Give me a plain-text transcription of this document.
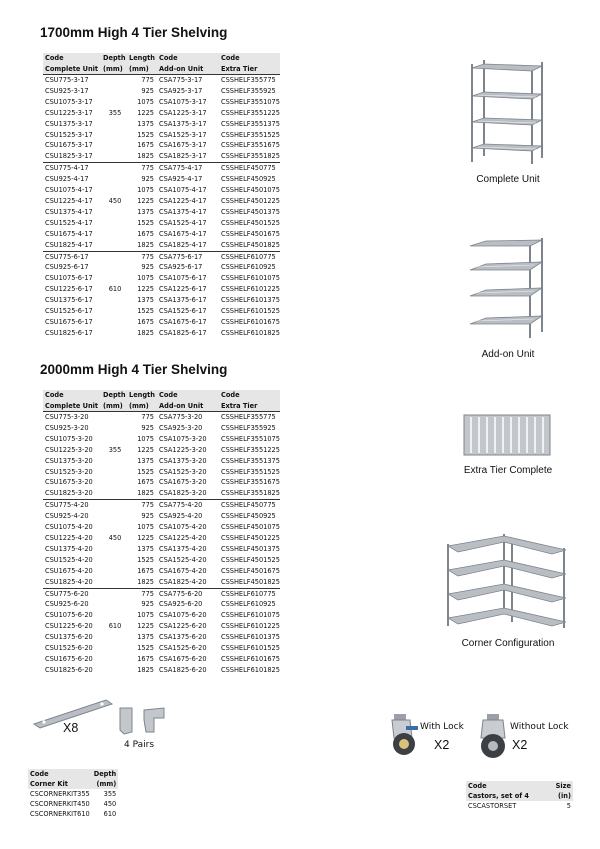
1700mm High 4 Tier Shelving
Code	Depth	Length	Code	Code
Complete Unit	(mm)	(mm)	Add-on Unit	Extra Tier
CSU775-3-17		775	CSA775-3-17	CSSHELF355775
CSU925-3-17		925	CSA925-3-17	CSSHELF355925
CSU1075-3-17		1075	CSA1075-3-17	CSSHELF3551075
CSU1225-3-17	355	1225	CSA1225-3-17	CSSHELF3551225
CSU1375-3-17		1375	CSA1375-3-17	CSSHELF3551375
CSU1525-3-17		1525	CSA1525-3-17	CSSHELF3551525
CSU1675-3-17		1675	CSA1675-3-17	CSSHELF3551675
CSU1825-3-17		1825	CSA1825-3-17	CSSHELF3551825
CSU775-4-17		775	CSA775-4-17	CSSHELF450775
CSU925-4-17		925	CSA925-4-17	CSSHELF450925
CSU1075-4-17		1075	CSA1075-4-17	CSSHELF4501075
CSU1225-4-17	450	1225	CSA1225-4-17	CSSHELF4501225
CSU1375-4-17		1375	CSA1375-4-17	CSSHELF4501375
CSU1525-4-17		1525	CSA1525-4-17	CSSHELF4501525
CSU1675-4-17		1675	CSA1675-4-17	CSSHELF4501675
CSU1825-4-17		1825	CSA1825-4-17	CSSHELF4501825
CSU775-6-17		775	CSA775-6-17	CSSHELF610775
CSU925-6-17		925	CSA925-6-17	CSSHELF610925
CSU1075-6-17		1075	CSA1075-6-17	CSSHELF6101075
CSU1225-6-17	610	1225	CSA1225-6-17	CSSHELF6101225
CSU1375-6-17		1375	CSA1375-6-17	CSSHELF6101375
CSU1525-6-17		1525	CSA1525-6-17	CSSHELF6101525
CSU1675-6-17		1675	CSA1675-6-17	CSSHELF6101675
CSU1825-6-17		1825	CSA1825-6-17	CSSHELF6101825
2000mm High 4 Tier Shelving
Code	Depth	Length	Code	Code
Complete Unit	(mm)	(mm)	Add-on Unit	Extra Tier
CSU775-3-20		775	CSA775-3-20	CSSHELF355775
CSU925-3-20		925	CSA925-3-20	CSSHELF355925
CSU1075-3-20		1075	CSA1075-3-20	CSSHELF3551075
CSU1225-3-20	355	1225	CSA1225-3-20	CSSHELF3551225
CSU1375-3-20		1375	CSA1375-3-20	CSSHELF3551375
CSU1525-3-20		1525	CSA1525-3-20	CSSHELF3551525
CSU1675-3-20		1675	CSA1675-3-20	CSSHELF3551675
CSU1825-3-20		1825	CSA1825-3-20	CSSHELF3551825
CSU775-4-20		775	CSA775-4-20	CSSHELF450775
CSU925-4-20		925	CSA925-4-20	CSSHELF450925
CSU1075-4-20		1075	CSA1075-4-20	CSSHELF4501075
CSU1225-4-20	450	1225	CSA1225-4-20	CSSHELF4501225
CSU1375-4-20		1375	CSA1375-4-20	CSSHELF4501375
CSU1525-4-20		1525	CSA1525-4-20	CSSHELF4501525
CSU1675-4-20		1675	CSA1675-4-20	CSSHELF4501675
CSU1825-4-20		1825	CSA1825-4-20	CSSHELF4501825
CSU775-6-20		775	CSA775-6-20	CSSHELF610775
CSU925-6-20		925	CSA925-6-20	CSSHELF610925
CSU1075-6-20		1075	CSA1075-6-20	CSSHELF6101075
CSU1225-6-20	610	1225	CSA1225-6-20	CSSHELF6101225
CSU1375-6-20		1375	CSA1375-6-20	CSSHELF6101375
CSU1525-6-20		1525	CSA1525-6-20	CSSHELF6101525
CSU1675-6-20		1675	CSA1675-6-20	CSSHELF6101675
CSU1825-6-20		1825	CSA1825-6-20	CSSHELF6101825
Complete Unit
Add-on Unit
Extra Tier Complete
Corner Configuration
X8
4 Pairs
Code	Depth
Corner Kit	(mm)
CSCORNERKIT355	355
CSCORNERKIT450	450
CSCORNERKIT610	610
With Lock
X2
Without Lock
X2
Code	Size
Castors, set of 4	(in)
CSCASTORSET	5
